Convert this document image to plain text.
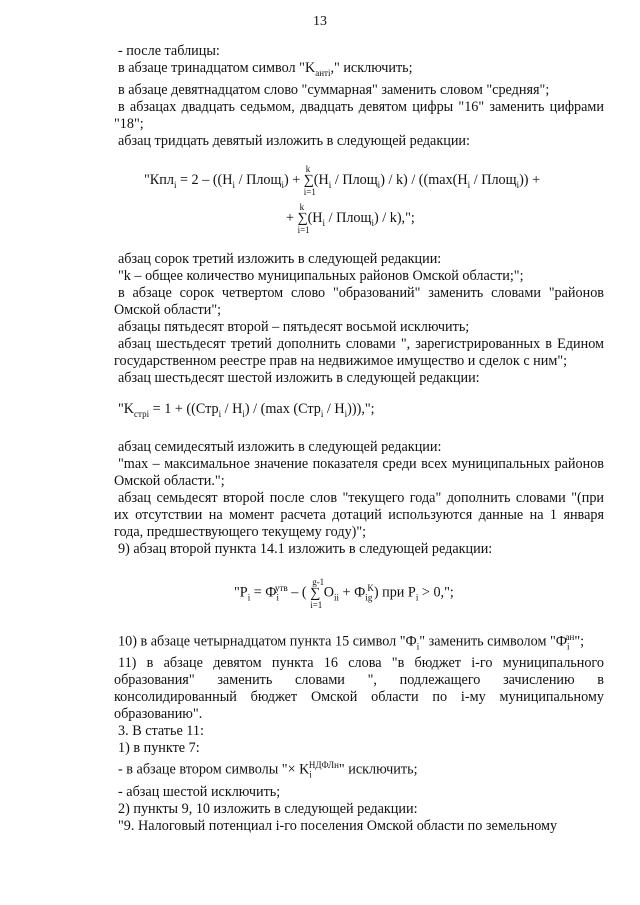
13

- после таблицы:

в абзаце тринадцатом символ "$K_{анті}$," исключить;

в абзаце девятнадцатом слово "суммарная" заменить словом "средняя";

в абзацах двадцать седьмом, двадцать девятом цифры "16" заменить цифрами "18";

абзац тридцать девятый изложить в следующей редакции:

"$Кпл_i = 2 - ((H_i$ / Площ$_i$) +
k
∑
i=1
($H_i$ / Площ$_i$) / $k) / ((\max(H_i$ / Площ$_i$)) +
+
k
∑
i=1
($H_i$ / Площ$_i$) / k),";

абзац сорок третий изложить в следующей редакции:

"k – общее количество муниципальных районов Омской области;";

в абзаце сорок четвертом слово "образований" заменить словами "районов Омской области";

абзацы пятьдесят второй – пятьдесят восьмой исключить;

абзац шестьдесят третий дополнить словами ", зарегистрированных в Едином государственном реестре прав на недвижимое имущество и сделок с ним";

абзац шестьдесят шестой изложить в следующей редакции:

"$K_{стрi} = 1 + ((Стр_i / H_i) / (\max$ $(Стр_i / H_i)$)),";

абзац семидесятый изложить в следующей редакции:

"max – максимальное значение показателя среди всех муниципальных районов Омской области.";

абзац семьдесят второй после слов "текущего года" дополнить словами "(при их отсутствии на момент расчета дотаций используются данные на 1 января года, предшествующего текущему году)";

9) абзац второй пункта 14.1 изложить в следующей редакции:

"$P_i = Ф_i^{утв}$ – (
g-1
∑
i=1
$O_{ii} + Ф_{ig}^K$) при $P_i > 0$,";

10) в абзаце четырнадцатом пункта 15 символ "$Ф_i$" заменить символом "$Ф_i^{ан}$";

11) в абзаце девятом пункта 16 слова "в бюджет i-го муниципального образования" заменить словами ", подлежащего зачислению в консолидированный бюджет Омской области по i-му муниципальному образованию".

3. В статье 11:

1) в пункте 7:

- в абзаце втором символы "× $K_i^{НДФЛн}$" исключить;

- абзац шестой исключить;

2) пункты 9, 10 изложить в следующей редакции:

"9. Налоговый потенциал i-го поселения Омской области по земельному
